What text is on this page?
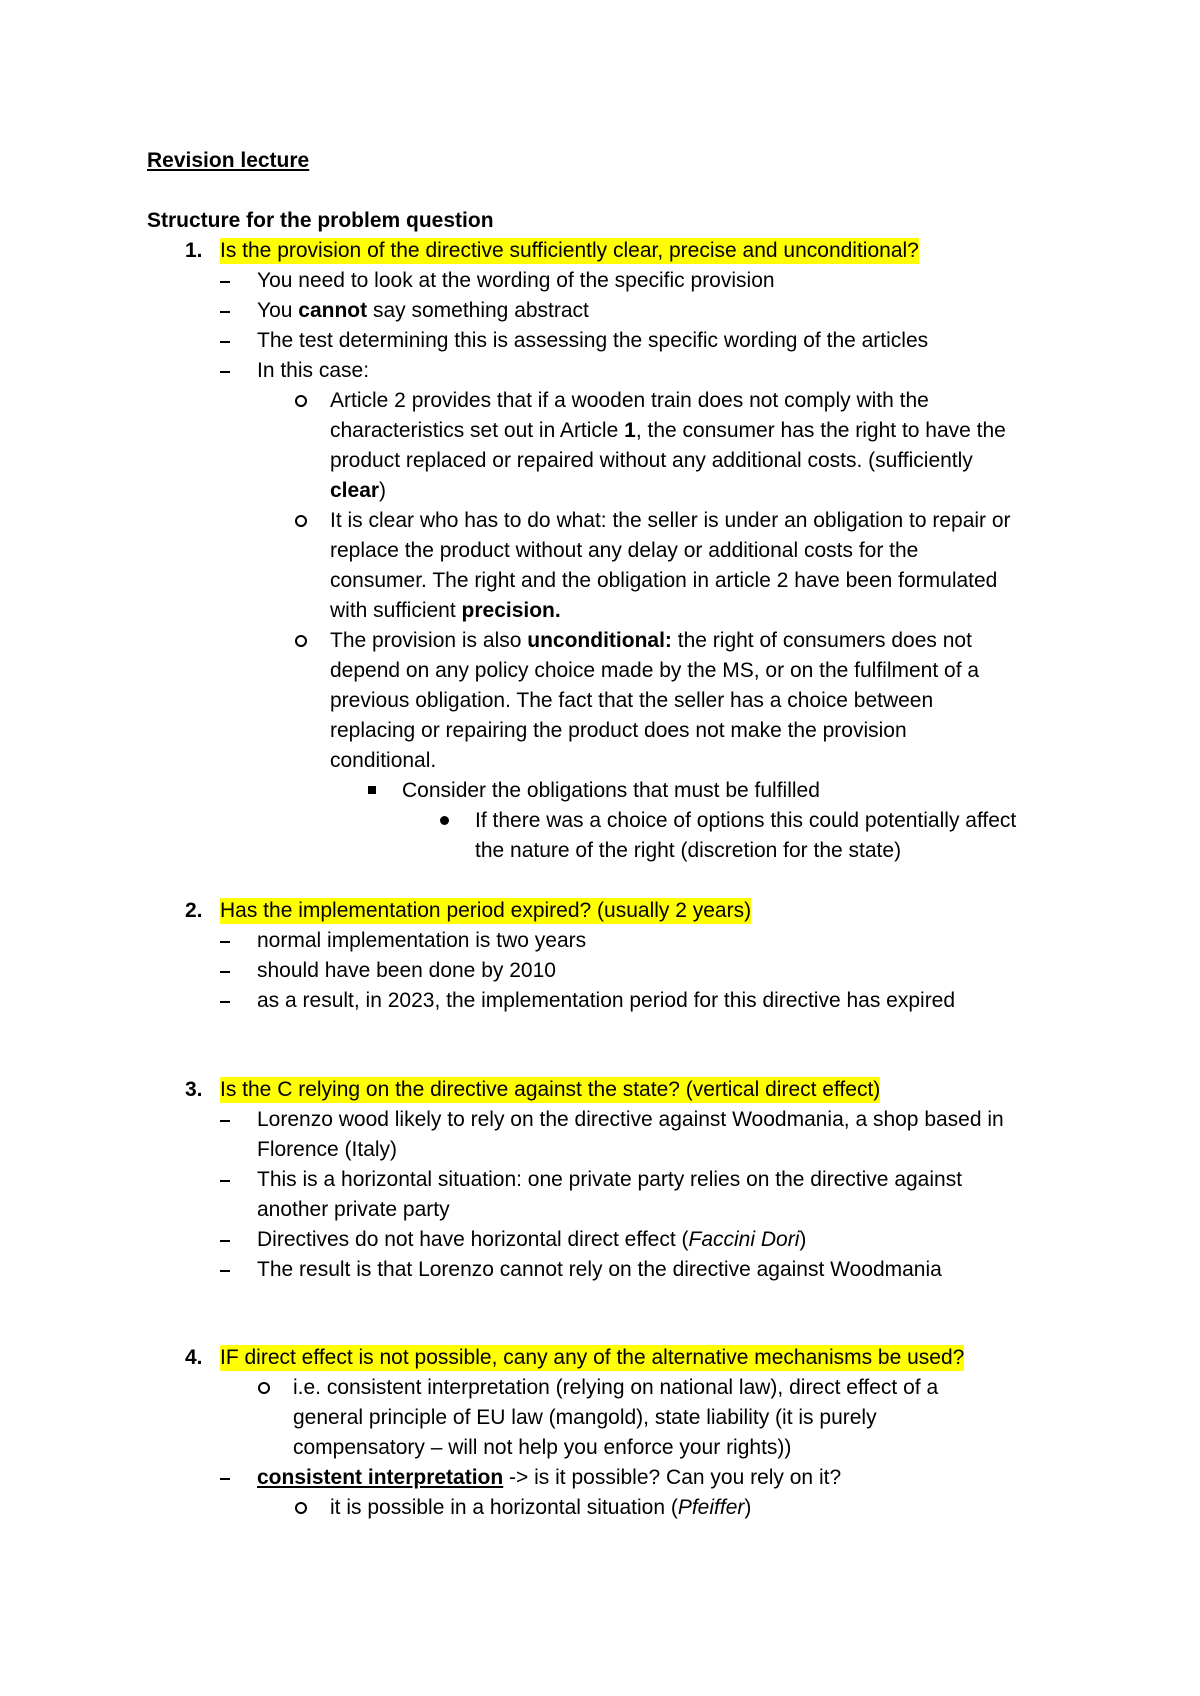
Revision lecture
Structure for the problem question
1. Is the provision of the directive sufficiently clear, precise and unconditional?
You need to look at the wording of the specific provision
You cannot say something abstract
The test determining this is assessing the specific wording of the articles
In this case:
Article 2 provides that if a wooden train does not comply with the
characteristics set out in Article 1, the consumer has the right to have the
product replaced or repaired without any additional costs. (sufficiently
clear)
It is clear who has to do what: the seller is under an obligation to repair or
replace the product without any delay or additional costs for the
consumer. The right and the obligation in article 2 have been formulated
with sufficient precision.
The provision is also unconditional: the right of consumers does not
depend on any policy choice made by the MS, or on the fulfilment of a
previous obligation. The fact that the seller has a choice between
replacing or repairing the product does not make the provision
conditional.
Consider the obligations that must be fulfilled
If there was a choice of options this could potentially affect
the nature of the right (discretion for the state)
2. Has the implementation period expired? (usually 2 years)
normal implementation is two years
should have been done by 2010
as a result, in 2023, the implementation period for this directive has expired
3. Is the C relying on the directive against the state? (vertical direct effect)
Lorenzo wood likely to rely on the directive against Woodmania, a shop based in
Florence (Italy)
This is a horizontal situation: one private party relies on the directive against
another private party
Directives do not have horizontal direct effect (Faccini Dori)
The result is that Lorenzo cannot rely on the directive against Woodmania
4. IF direct effect is not possible, cany any of the alternative mechanisms be used?
i.e. consistent interpretation (relying on national law), direct effect of a
general principle of EU law (mangold), state liability (it is purely
compensatory – will not help you enforce your rights))
consistent interpretation -> is it possible? Can you rely on it?
it is possible in a horizontal situation (Pfeiffer)
